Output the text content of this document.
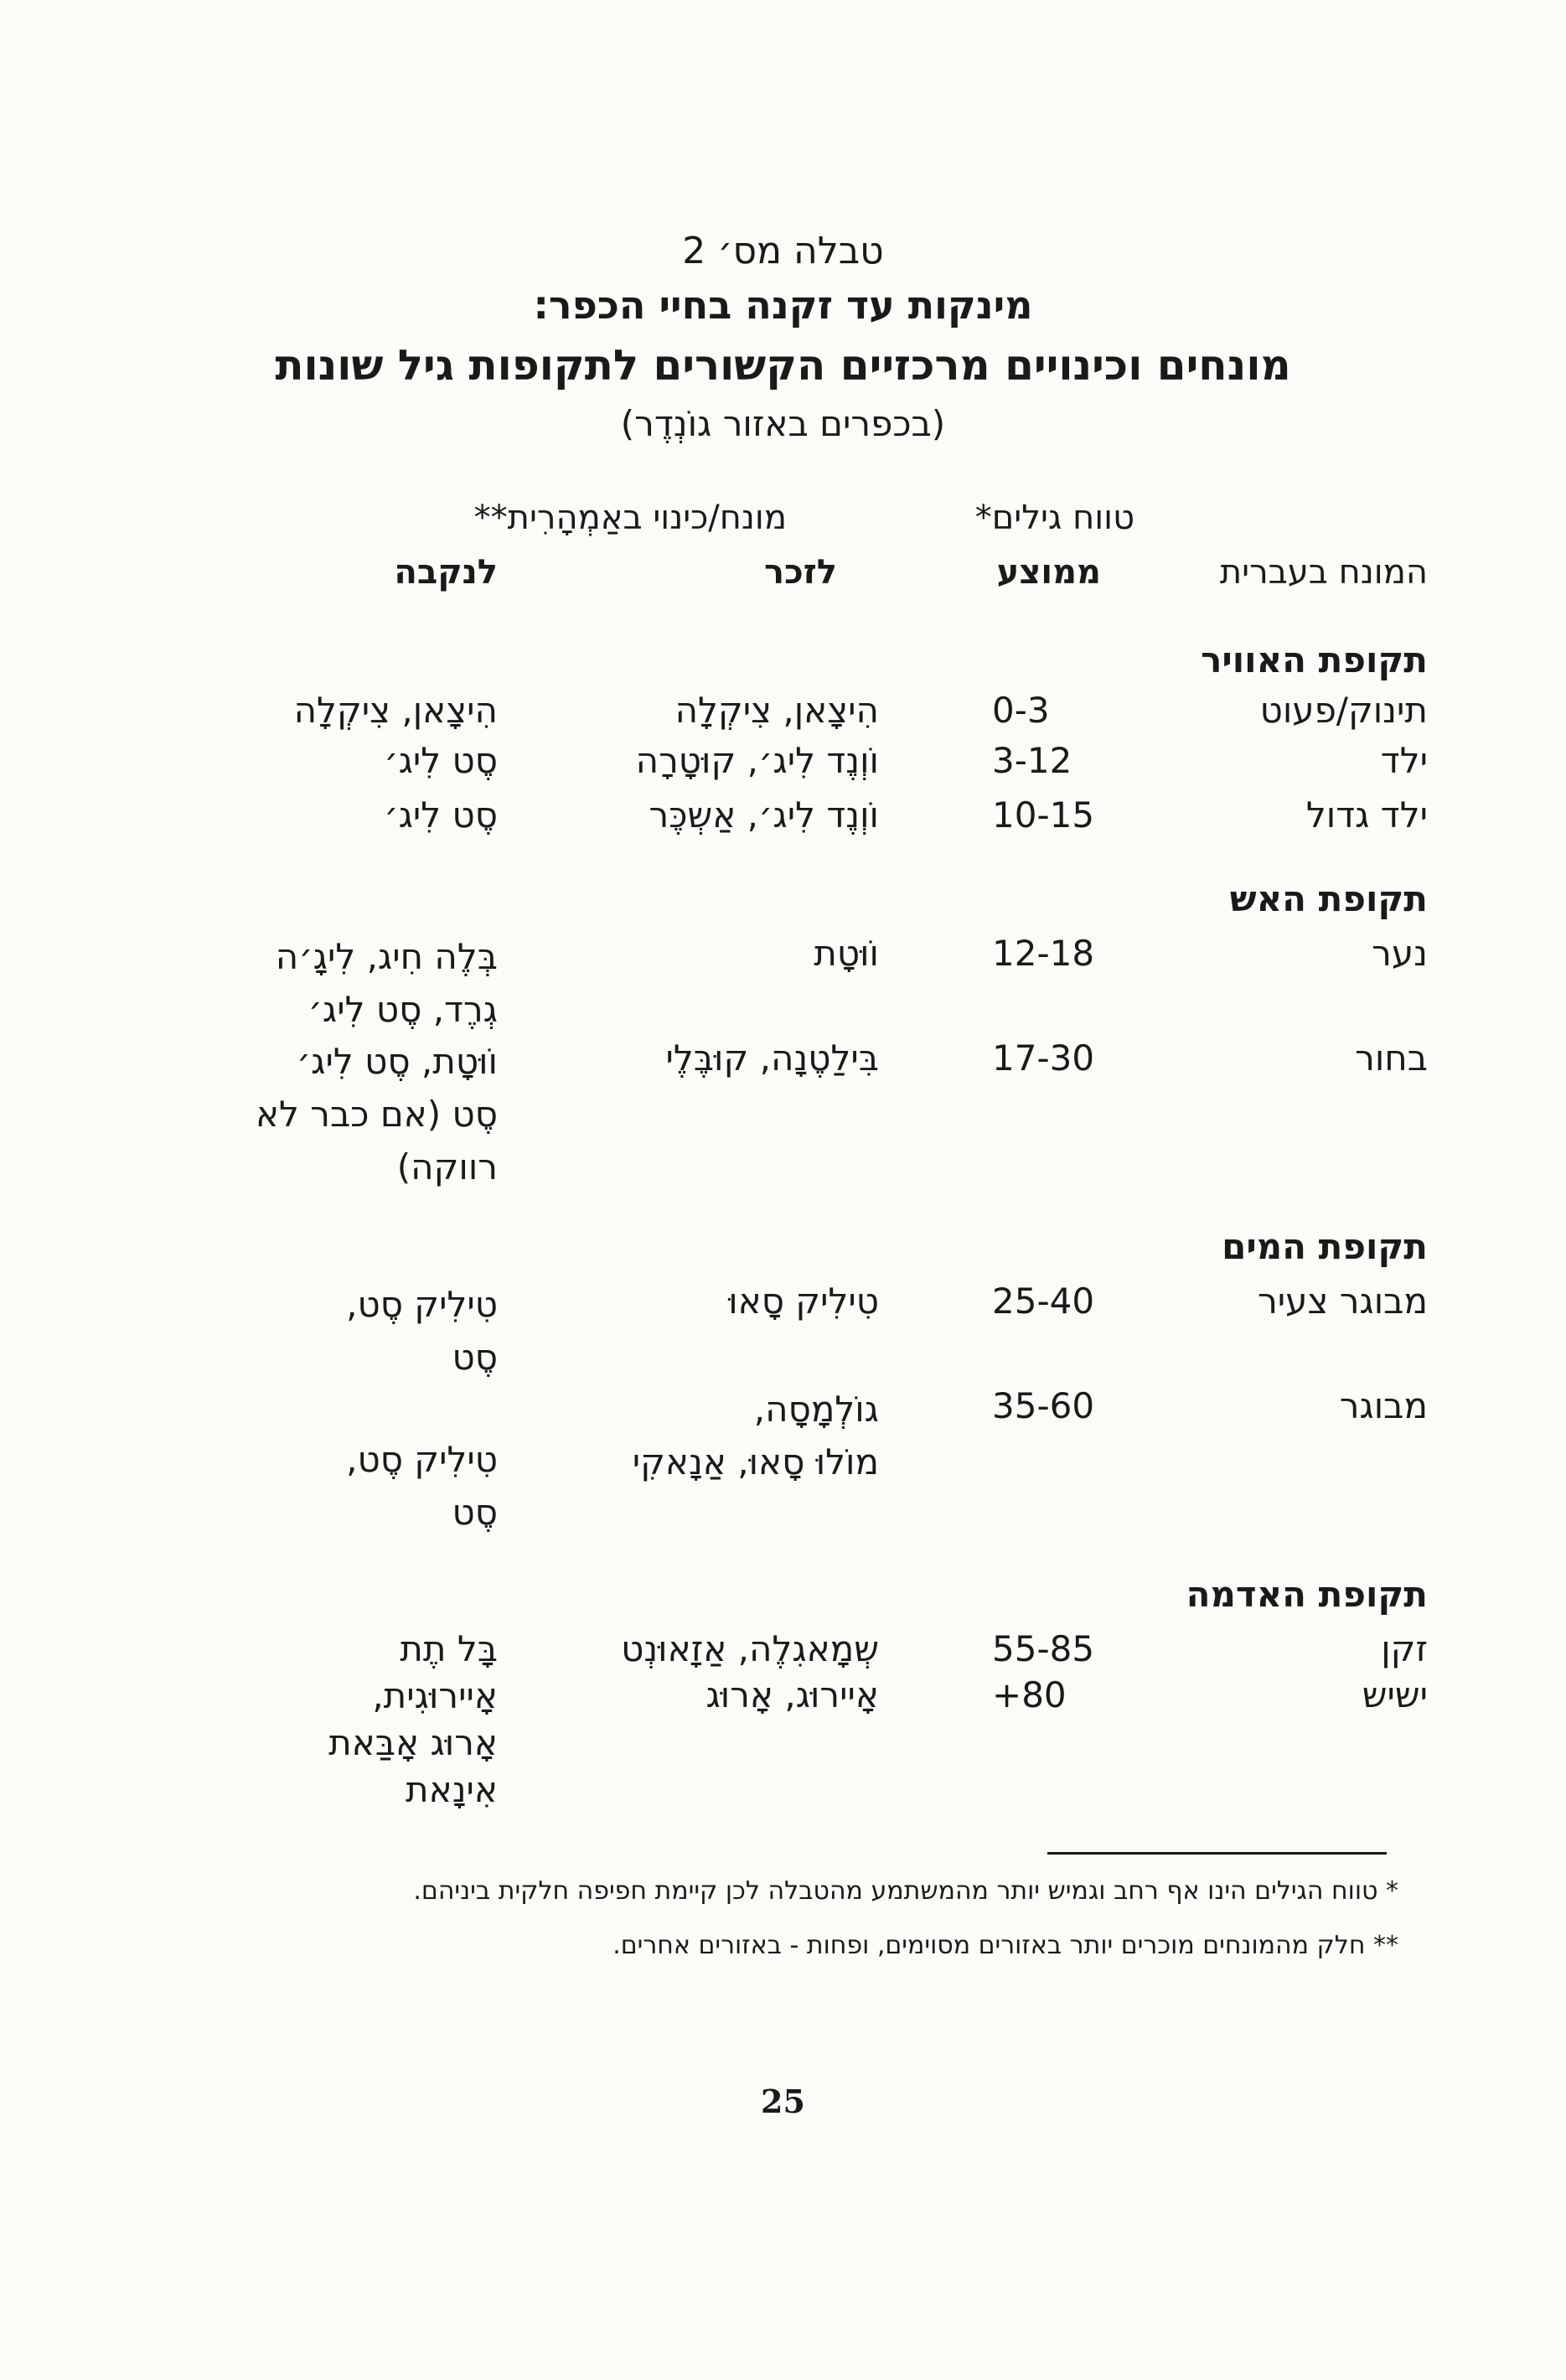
טבלה מס׳ 2
מינקות עד זקנה בחיי הכפר:
מונחים וכינויים מרכזיים הקשורים לתקופות גיל שונות
(בכפרים באזור גוֹנְדֶר)
טווח גילים*
מונח/כינוי באַמְהָרִית**
המונח בעברית
ממוצע
לזכר
לנקבה
תקופת האוויר
תינוק/פעוט
0-3
הִיצָאן, צִיקְלָה
הִיצָאן, צִיקְלָה
ילד
3-12
וֹוְנֶד לִיג׳, קוּטָרָה
סֶט לִיג׳
ילד גדול
10-15
וֹוְנֶד לִיג׳, אַשְכֶּר
סֶט לִיג׳
תקופת האש
נער
12-18
וֹוּטָת
בְּלֶה חִיג, לִיגָ׳ה
גְרֶד, סֶט לִיג׳
בחור
17-30
בִּילַטֶנָה, קוּבֶּלֶי
וֹוּטָת, סֶט לִיג׳
סֶט (אם כבר לא
רווקה)
תקופת המים
מבוגר צעיר
25-40
טִילִיק סָאוּ
טִילִיק סֶט,
סֶט
מבוגר
35-60
גוֹלְמָסָה,
מוֹלוּ סָאוּ, אַנָאקִי
טִילִיק סֶט,
סֶט
תקופת האדמה
זקן
55-85
שְמָאגִלֶה, אַזָאוּנְט
ישיש
+80
אָיירוּג, אָרוּג
בָּל תֶת
אָיירוּגִית,
אָרוּג אָבַּאת
אִינָאת
* טווח הגילים הינו אף רחב וגמיש יותר מהמשתמע מהטבלה לכן קיימת חפיפה חלקית ביניהם.
** חלק מהמונחים מוכרים יותר באזורים מסוימים, ופחות - באזורים אחרים.
25
